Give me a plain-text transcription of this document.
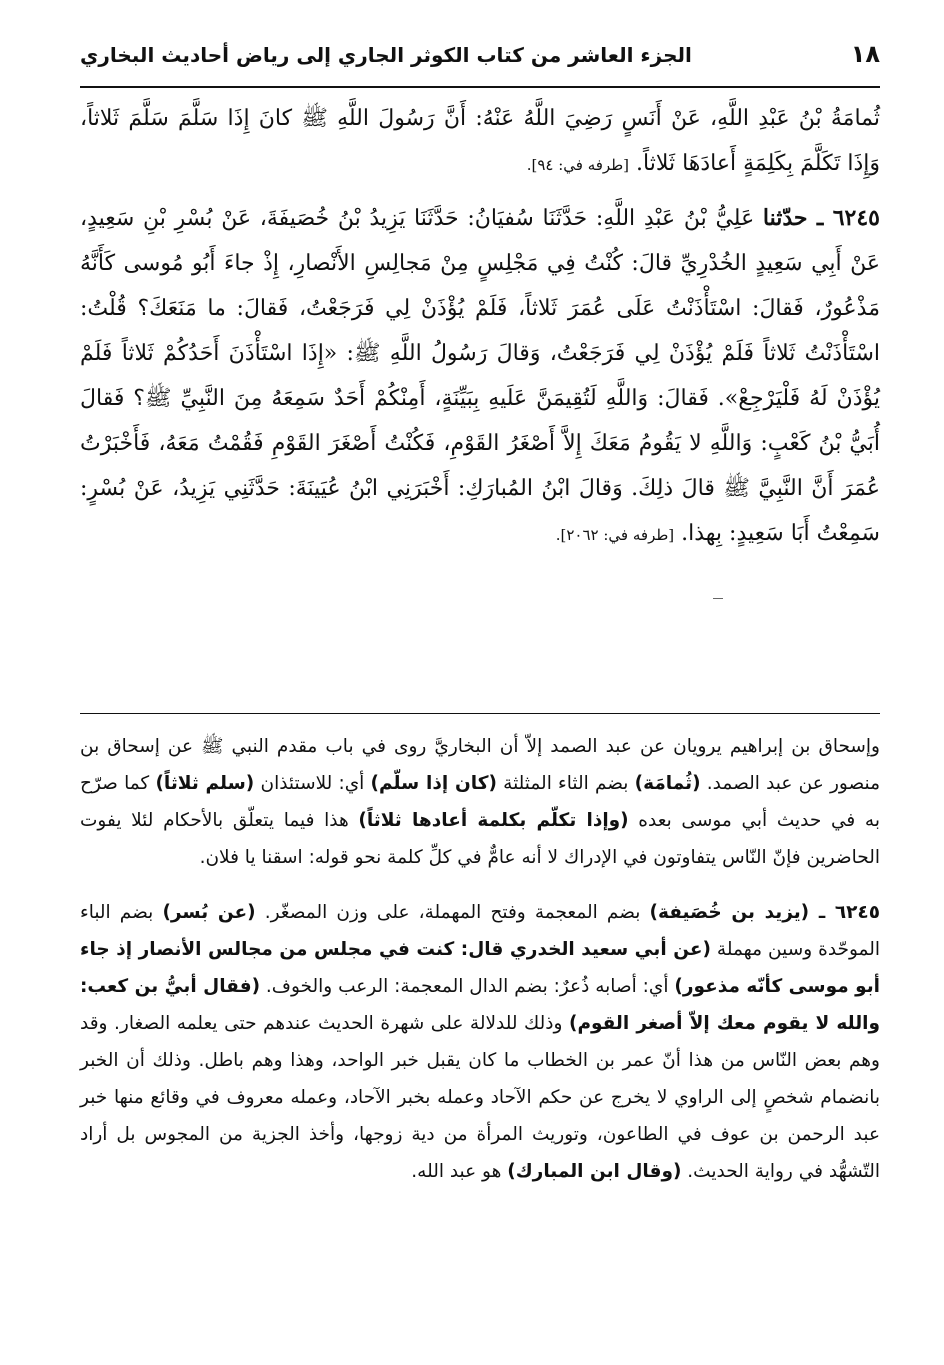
١٨
الجزء العاشر من كتاب الكوثر الجاري إلى رياض أحاديث البخاري

ثُمامَةُ بْنُ عَبْدِ اللَّهِ، عَنْ أَنَسٍ رَضِيَ اللَّهُ عَنْهُ: أَنَّ رَسُولَ اللَّهِ ﷺ كانَ إِذَا سَلَّمَ سَلَّمَ ثَلاثاً، وَإِذَا تَكَلَّمَ بِكَلِمَةٍ أَعادَهَا ثَلاثاً. [طرفه في: ٩٤].

٦٢٤٥ ـ حدّثنا عَلِيُّ بْنُ عَبْدِ اللَّهِ: حَدَّثَنَا سُفيَانُ: حَدَّثَنَا يَزِيدُ بْنُ خُصَيفَةَ، عَنْ بُسْرِ بْنِ سَعِيدٍ، عَنْ أَبِي سَعِيدٍ الخُدْرِيِّ قالَ: كُنْتُ فِي مَجْلِسٍ مِنْ مَجالِسِ الأَنْصارِ، إِذْ جاءَ أَبُو مُوسى كَأَنَّهُ مَذْعُورٌ، فَقالَ: اسْتَأْذَنْتُ عَلَى عُمَرَ ثَلاثاً، فَلَمْ يُؤْذَنْ لِي فَرَجَعْتُ، فَقالَ: ما مَنَعَكَ؟ قُلْتُ: اسْتَأْذَنْتُ ثَلاثاً فَلَمْ يُؤْذَنْ لِي فَرَجَعْتُ، وَقالَ رَسُولُ اللَّهِ ﷺ: «إِذَا اسْتَأْذَنَ أَحَدُكُمْ ثَلاثاً فَلَمْ يُؤْذَنْ لَهُ فَلْيَرْجِعْ». فَقالَ: وَاللَّهِ لَتُقِيمَنَّ عَلَيهِ بِبَيِّنَةٍ، أَمِنْكُمْ أَحَدٌ سَمِعَهُ مِنَ النَّبِيِّ ﷺ؟ فَقالَ أُبَيُّ بْنُ كَعْبٍ: وَاللَّهِ لا يَقُومُ مَعَكَ إِلاَّ أَصْغَرُ القَوْمِ، فَكُنْتُ أَصْغَرَ القَوْمِ فَقُمْتُ مَعَهُ، فَأَخْبَرْتُ عُمَرَ أَنَّ النَّبِيَّ ﷺ قالَ ذلِكَ. وَقالَ ابْنُ المُبارَكِ: أَخْبَرَنِي ابْنُ عُيَينَةَ: حَدَّثَنِي يَزِيدُ، عَنْ بُسْرٍ: سَمِعْتُ أَبَا سَعِيدٍ: بِهذا. [طرفه في: ٢٠٦٢].

وإسحاق بن إبراهيم يرويان عن عبد الصمد إلاّ أن البخاريَّ روى في باب مقدم النبي ﷺ عن إسحاق بن منصور عن عبد الصمد. (ثُمامَة) بضم الثاء المثلثة (كان إذا سلّم) أي: للاستئذان (سلم ثلاثاً) كما صرّح به في حديث أبي موسى بعده (وإذا تكلّم بكلمة أعادها ثلاثاً) هذا فيما يتعلّق بالأحكام لئلا يفوت الحاضرين فإنّ النّاس يتفاوتون في الإدراك لا أنه عامٌّ في كلِّ كلمة نحو قوله: اسقنا يا فلان.

٦٢٤٥ ـ (يزيد بن خُصَيفة) بضم المعجمة وفتح المهملة، على وزن المصغّر. (عن بُسر) بضم الباء الموحّدة وسين مهملة (عن أبي سعيد الخدري قال: كنت في مجلس من مجالس الأنصار إذ جاء أبو موسى كأنّه مذعور) أي: أصابه ذُعرٌ: بضم الدال المعجمة: الرعب والخوف. (فقال أبيُّ بن كعب: والله لا يقوم معك إلاّ أصغر القوم) وذلك للدلالة على شهرة الحديث عندهم حتى يعلمه الصغار. وقد وهم بعض النّاس من هذا أنّ عمر بن الخطاب ما كان يقبل خبر الواحد، وهذا وهم باطل. وذلك أن الخبر بانضمام شخصٍ إلى الراوي لا يخرج عن حكم الآحاد وعمله بخبر الآحاد، وعمله معروف في وقائع منها خبر عبد الرحمن بن عوف في الطاعون، وتوريث المرأة من دية زوجها، وأخذ الجزية من المجوس بل أراد التّشهُّد في رواية الحديث. (وقال ابن المبارك) هو عبد الله.
